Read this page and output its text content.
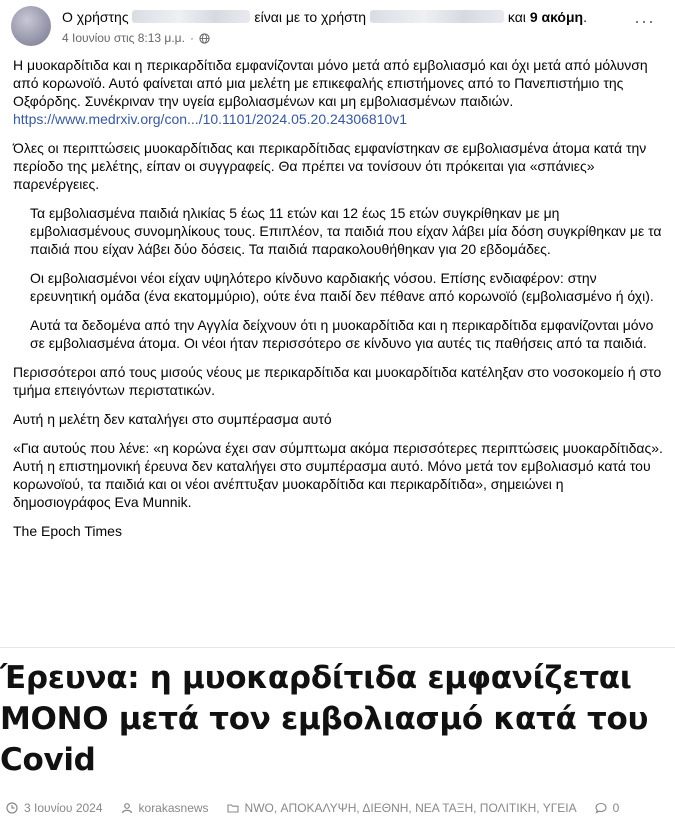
Ο χρήστης	είναι με το χρήστη	και 9 ακόμη.
4 Ιουνίου στις 8:13 μ.μ. ·
···

Η μυοκαρδίτιδα και η περικαρδίτιδα εμφανίζονται μόνο μετά από εμβολιασμό και όχι μετά από μόλυνση από κορωνοϊό. Αυτό φαίνεται από μια μελέτη με επικεφαλής επιστήμονες από το Πανεπιστήμιο της Οξφόρδης. Συνέκριναν την υγεία εμβολιασμένων και μη εμβολιασμένων παιδιών.
https://www.medrxiv.org/con.../10.1101/2024.05.20.24306810v1

Όλες οι περιπτώσεις μυοκαρδίτιδας και περικαρδίτιδας εμφανίστηκαν σε εμβολιασμένα άτομα κατά την περίοδο της μελέτης, είπαν οι συγγραφείς. Θα πρέπει να τονίσουν ότι πρόκειται για «σπάνιες» παρενέργειες.

Τα εμβολιασμένα παιδιά ηλικίας 5 έως 11 ετών και 12 έως 15 ετών συγκρίθηκαν με μη εμβολιασμένους συνομηλίκους τους. Επιπλέον, τα παιδιά που είχαν λάβει μία δόση συγκρίθηκαν με τα παιδιά που είχαν λάβει δύο δόσεις. Τα παιδιά παρακολουθήθηκαν για 20 εβδομάδες.

Οι εμβολιασμένοι νέοι είχαν υψηλότερο κίνδυνο καρδιακής νόσου. Επίσης ενδιαφέρον: στην ερευνητική ομάδα (ένα εκατομμύριο), ούτε ένα παιδί δεν πέθανε από κορωνοϊό (εμβολιασμένο ή όχι).

Αυτά τα δεδομένα από την Αγγλία δείχνουν ότι η μυοκαρδίτιδα και η περικαρδίτιδα εμφανίζονται μόνο σε εμβολιασμένα άτομα. Οι νέοι ήταν περισσότερο σε κίνδυνο για αυτές τις παθήσεις από τα παιδιά.

Περισσότεροι από τους μισούς νέους με περικαρδίτιδα και μυοκαρδίτιδα κατέληξαν στο νοσοκομείο ή στο τμήμα επειγόντων περιστατικών.

Αυτή η μελέτη δεν καταλήγει στο συμπέρασμα αυτό

«Για αυτούς που λένε: «η κορώνα έχει σαν σύμπτωμα ακόμα περισσότερες περιπτώσεις μυοκαρδίτιδας». Αυτή η επιστημονική έρευνα δεν καταλήγει στο συμπέρασμα αυτό. Μόνο μετά τον εμβολιασμό κατά του κορωνοϊού, τα παιδιά και οι νέοι ανέπτυξαν μυοκαρδίτιδα και περικαρδίτιδα», σημειώνει η δημοσιογράφος Eva Munnik.

The Epoch Times

Έρευνα: η μυοκαρδίτιδα εμφανίζεται ΜΟΝΟ μετά τον εμβολιασμό κατά του Covid
3 Ιουνίου 2024	korakasnews	NWO, ΑΠΟΚΑΛΥΨΗ, ΔΙΕΘΝΗ, ΝΕΑ ΤΑΞΗ, ΠΟΛΙΤΙΚΗ, ΥΓΕΙΑ	0
